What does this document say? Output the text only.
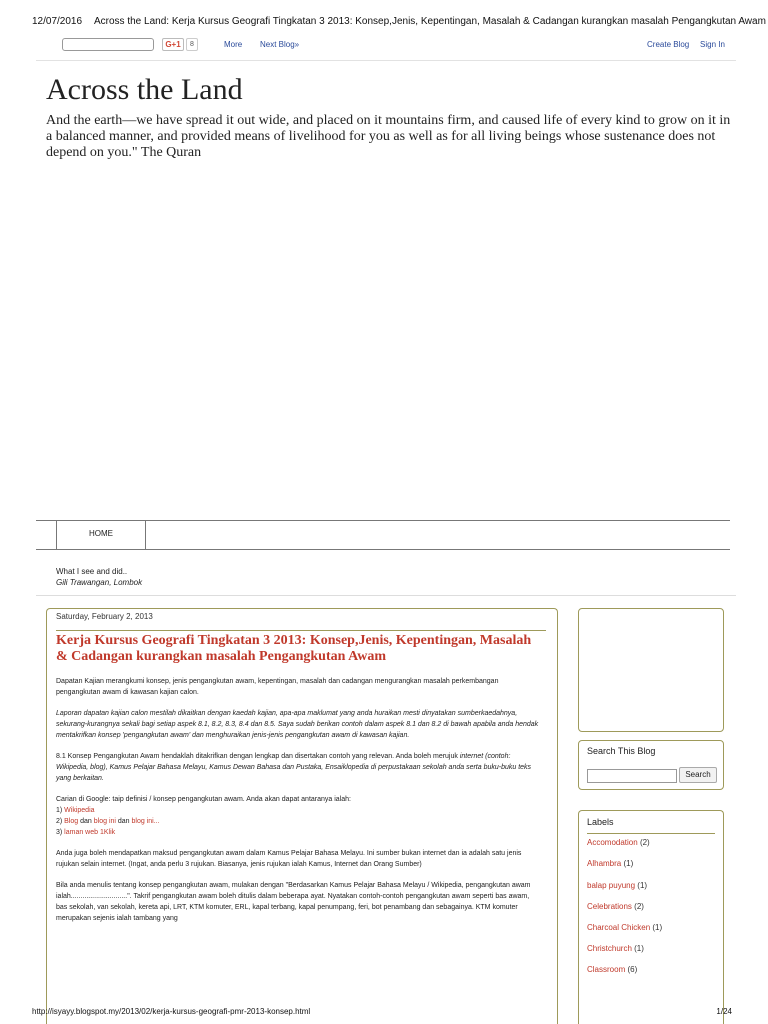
12/07/2016 Across the Land: Kerja Kursus Geografi Tingkatan 3 2013: Konsep,Jenis, Kepentingan, Masalah & Cadangan kurangkan masalah Pengangkutan Awam
G+1	8	More Next Blog»	Create Blog Sign In
Across the Land
And the earth—we have spread it out wide, and placed on it mountains firm, and caused life of every kind to grow on it in a balanced manner, and provided means of livelihood for you as well as for all living beings whose sustenance does not depend on you." The Quran
HOME
What I see and did..
Gili Trawangan, Lombok
Saturday, February 2, 2013
Kerja Kursus Geografi Tingkatan 3 2013: Konsep,Jenis, Kepentingan, Masalah & Cadangan kurangkan masalah Pengangkutan Awam

Dapatan Kajian merangkumi konsep, jenis pengangkutan awam, kepentingan, masalah dan cadangan mengurangkan masalah perkembangan pengangkutan awam di kawasan kajian calon.

Laporan dapatan kajian calon mestilah dikaitkan dengan kaedah kajian, apa-apa maklumat yang anda huraikan mesti dinyatakan sumberkaedahnya, sekurang-kurangnya sekali bagi setiap aspek 8.1, 8.2, 8.3, 8.4 dan 8.5. Saya sudah berikan contoh dalam aspek 8.1 dan 8.2 di bawah apabila anda hendak mentakrifkan konsep 'pengangkutan awam' dan menghuraikan jenis-jenis pengangkutan awam di kawasan kajian.

8.1 Konsep Pengangkutan Awam hendaklah ditakrifkan dengan lengkap dan disertakan contoh yang relevan. Anda boleh merujuk internet (contoh: Wikipedia, blog), Kamus Pelajar Bahasa Melayu, Kamus Dewan Bahasa dan Pustaka, Ensaiklopedia di perpustakaan sekolah anda serta buku-buku teks yang berkaitan.

Carian di Google: taip definisi / konsep pengangkutan awam. Anda akan dapat antaranya ialah:
1) Wikipedia
2) Blog dan blog ini dan blog ini...
3) laman web 1Klik

Anda juga boleh mendapatkan maksud pengangkutan awam dalam Kamus Pelajar Bahasa Melayu. Ini sumber bukan internet dan ia adalah satu jenis rujukan selain internet. (Ingat, anda perlu 3 rujukan. Biasanya, jenis rujukan ialah Kamus, Internet dan Orang Sumber)

Bila anda menulis tentang konsep pengangkutan awam, mulakan dengan "Berdasarkan Kamus Pelajar Bahasa Melayu / Wikipedia, pengangkutan awam ialah.............................". Takrif pengangkutan awam boleh ditulis dalam beberapa ayat. Nyatakan contoh-contoh pengangkutan awam seperti bas awam, bas sekolah, van sekolah, kereta api, LRT, KTM komuter, ERL, kapal terbang, kapal penumpang, feri, bot penambang dan sebagainya. KTM komuter merupakan sejenis ialah tambang yang

Search This Blog
Search
Labels
Accomodation (2)
Alhambra (1)
balap puyung (1)
Celebrations (2)
Charcoal Chicken (1)
Christchurch (1)
Classroom (6)
http://isyayy.blogspot.my/2013/02/kerja-kursus-geografi-pmr-2013-konsep.html	1/24
